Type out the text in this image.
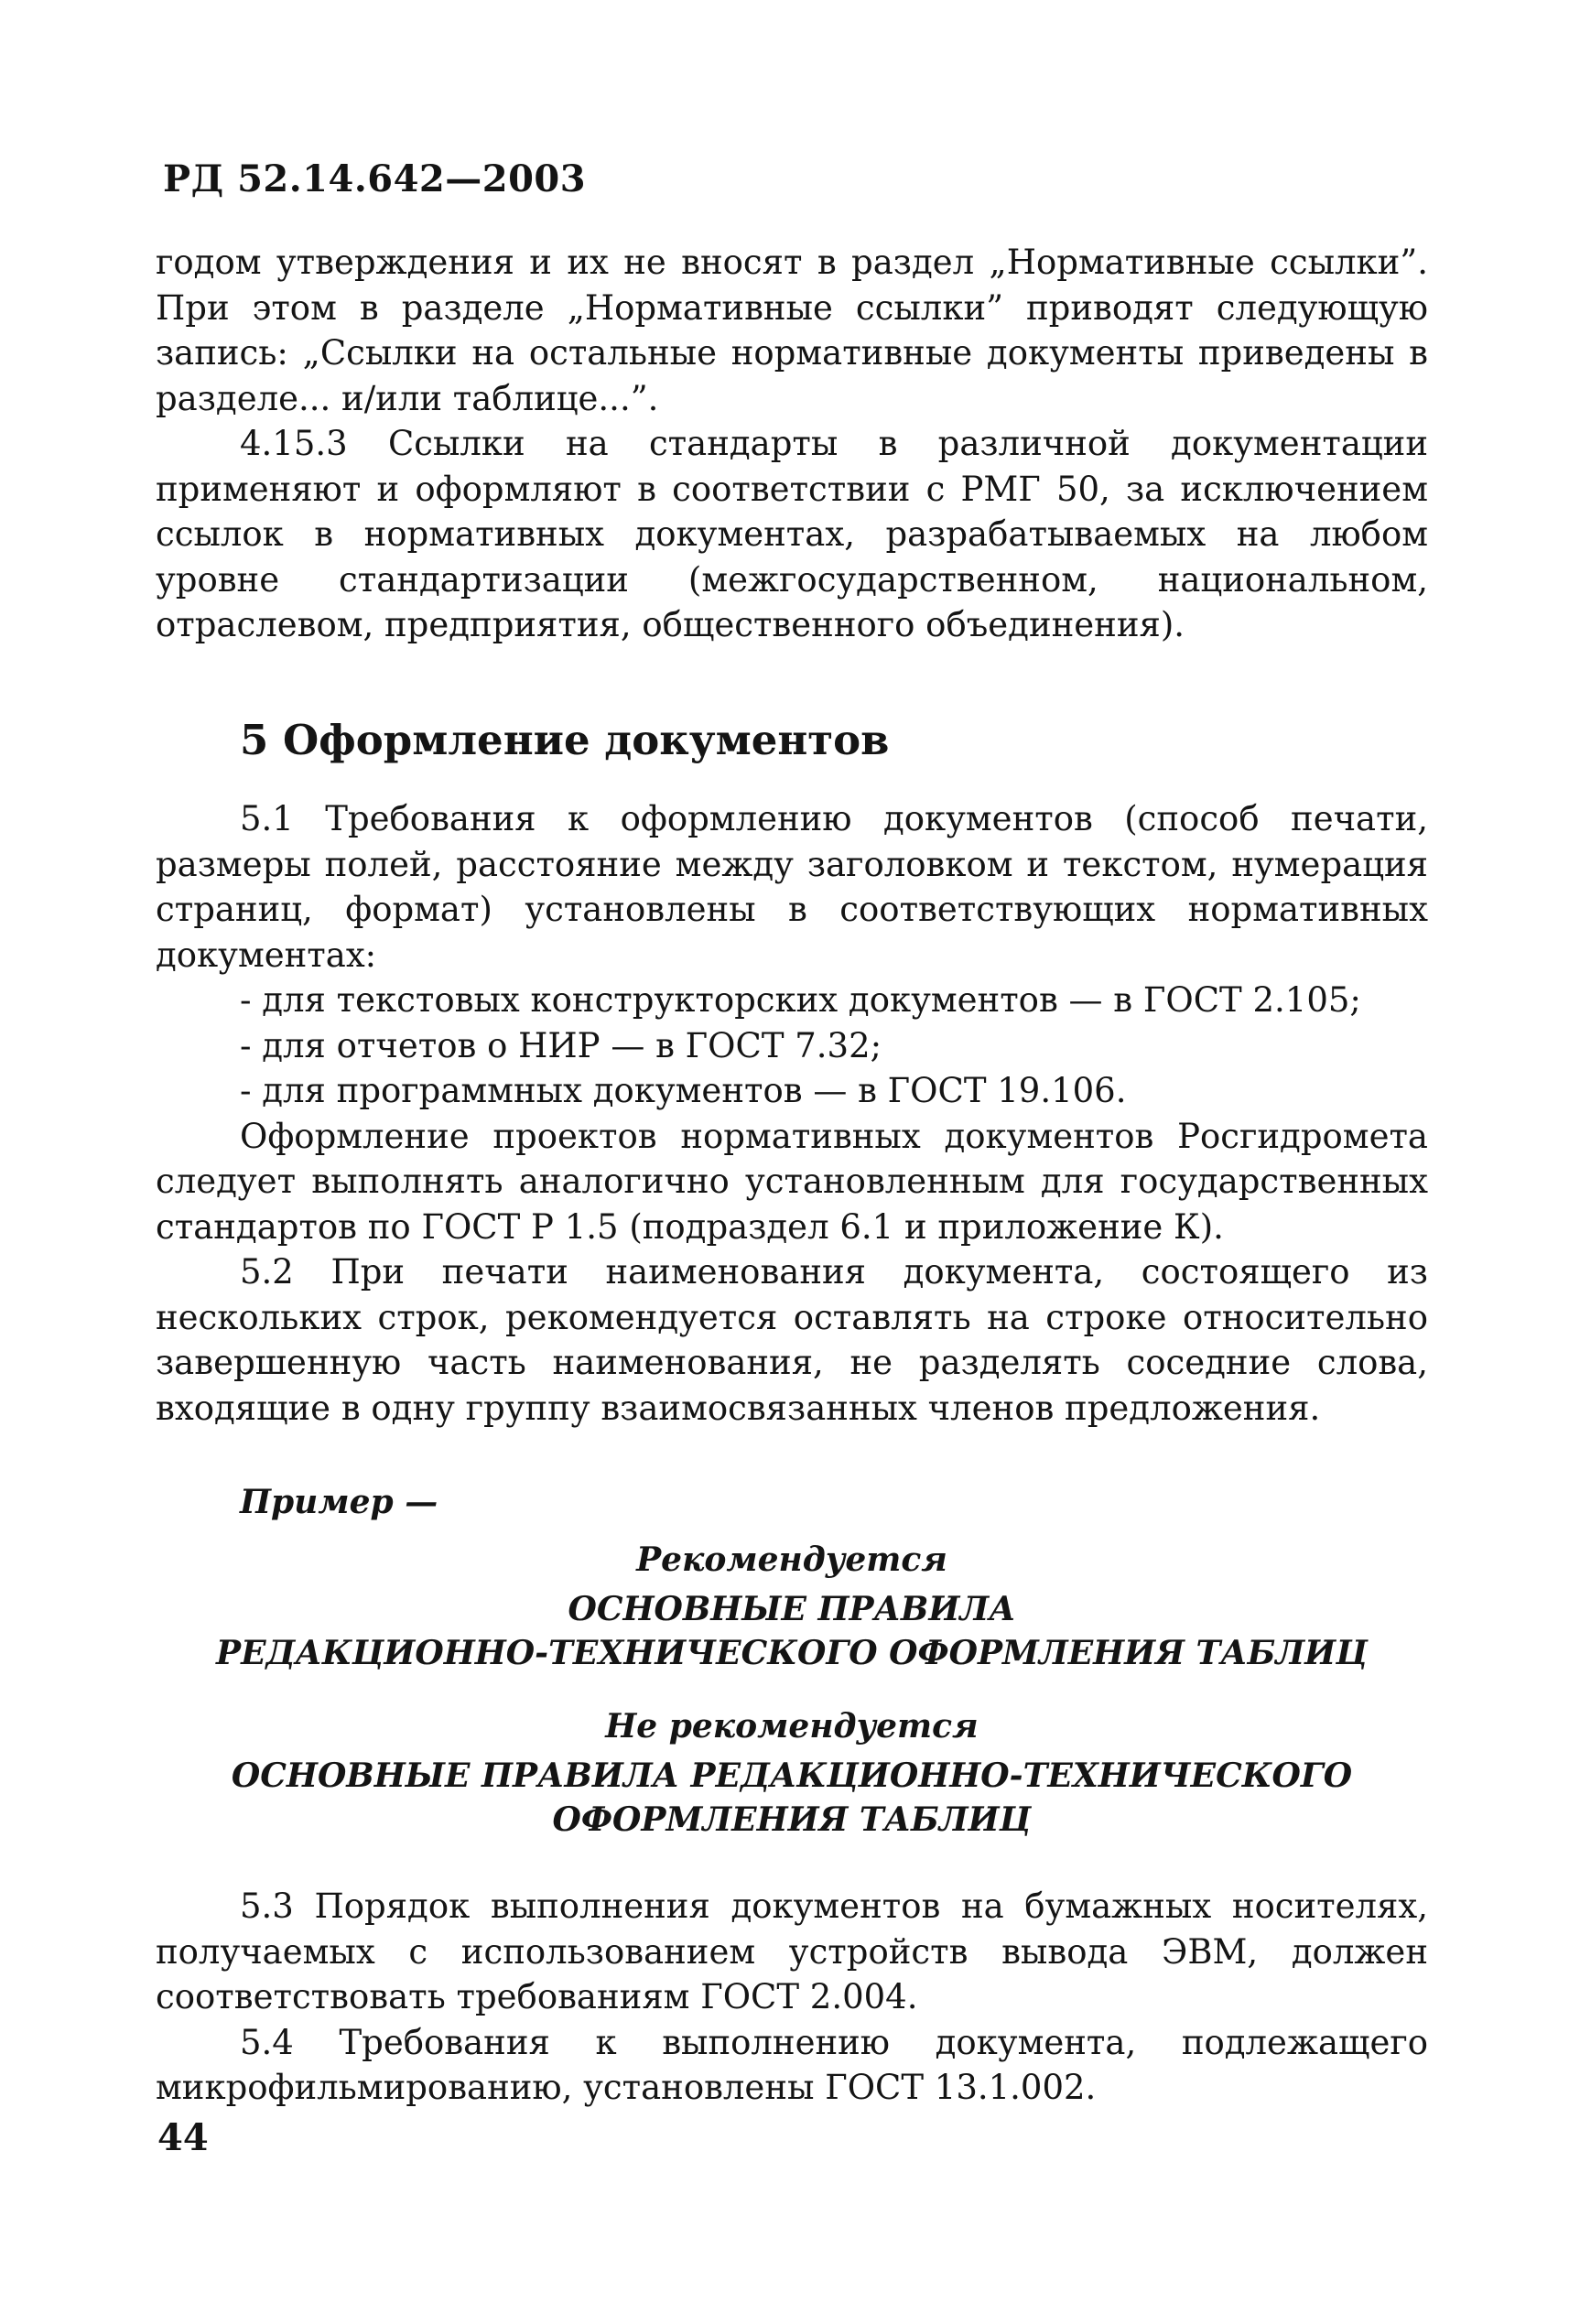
РД 52.14.642—2003

годом утверждения и их не вносят в раздел „Нормативные ссылки”. При этом в разделе „Нормативные ссылки” приводят следующую запись: „Ссылки на остальные нормативные документы приведены в разделе... и/или таблице...”.

4.15.3 Ссылки на стандарты в различной документации применяют и оформляют в соответствии с РМГ 50, за исключением ссылок в нормативных документах, разрабатываемых на любом уровне стандартизации (межгосударственном, национальном, отраслевом, предприятия, общественного объединения).

5 Оформление документов

5.1 Требования к оформлению документов (способ печати, размеры полей, расстояние между заголовком и текстом, нумерация страниц, формат) установлены в соответствующих нормативных документах:

- для текстовых конструкторских документов — в ГОСТ 2.105;

- для отчетов о НИР — в ГОСТ 7.32;

- для программных документов — в ГОСТ 19.106.

Оформление проектов нормативных документов Росгидромета следует выполнять аналогично установленным для государственных стандартов по ГОСТ Р 1.5 (подраздел 6.1 и приложение К).

5.2 При печати наименования документа, состоящего из нескольких строк, рекомендуется оставлять на строке относительно завершенную часть наименования, не разделять соседние слова, входящие в одну группу взаимосвязанных членов предложения.

Пример —
Рекомендуется
ОСНОВНЫЕ ПРАВИЛА
РЕДАКЦИОННО-ТЕХНИЧЕСКОГО ОФОРМЛЕНИЯ ТАБЛИЦ
Не рекомендуется
ОСНОВНЫЕ ПРАВИЛА РЕДАКЦИОННО-ТЕХНИЧЕСКОГО
ОФОРМЛЕНИЯ ТАБЛИЦ

5.3 Порядок выполнения документов на бумажных носителях, получаемых с использованием устройств вывода ЭВМ, должен соответствовать требованиям ГОСТ 2.004.

5.4 Требования к выполнению документа, подлежащего микрофильмированию, установлены ГОСТ 13.1.002.

44
